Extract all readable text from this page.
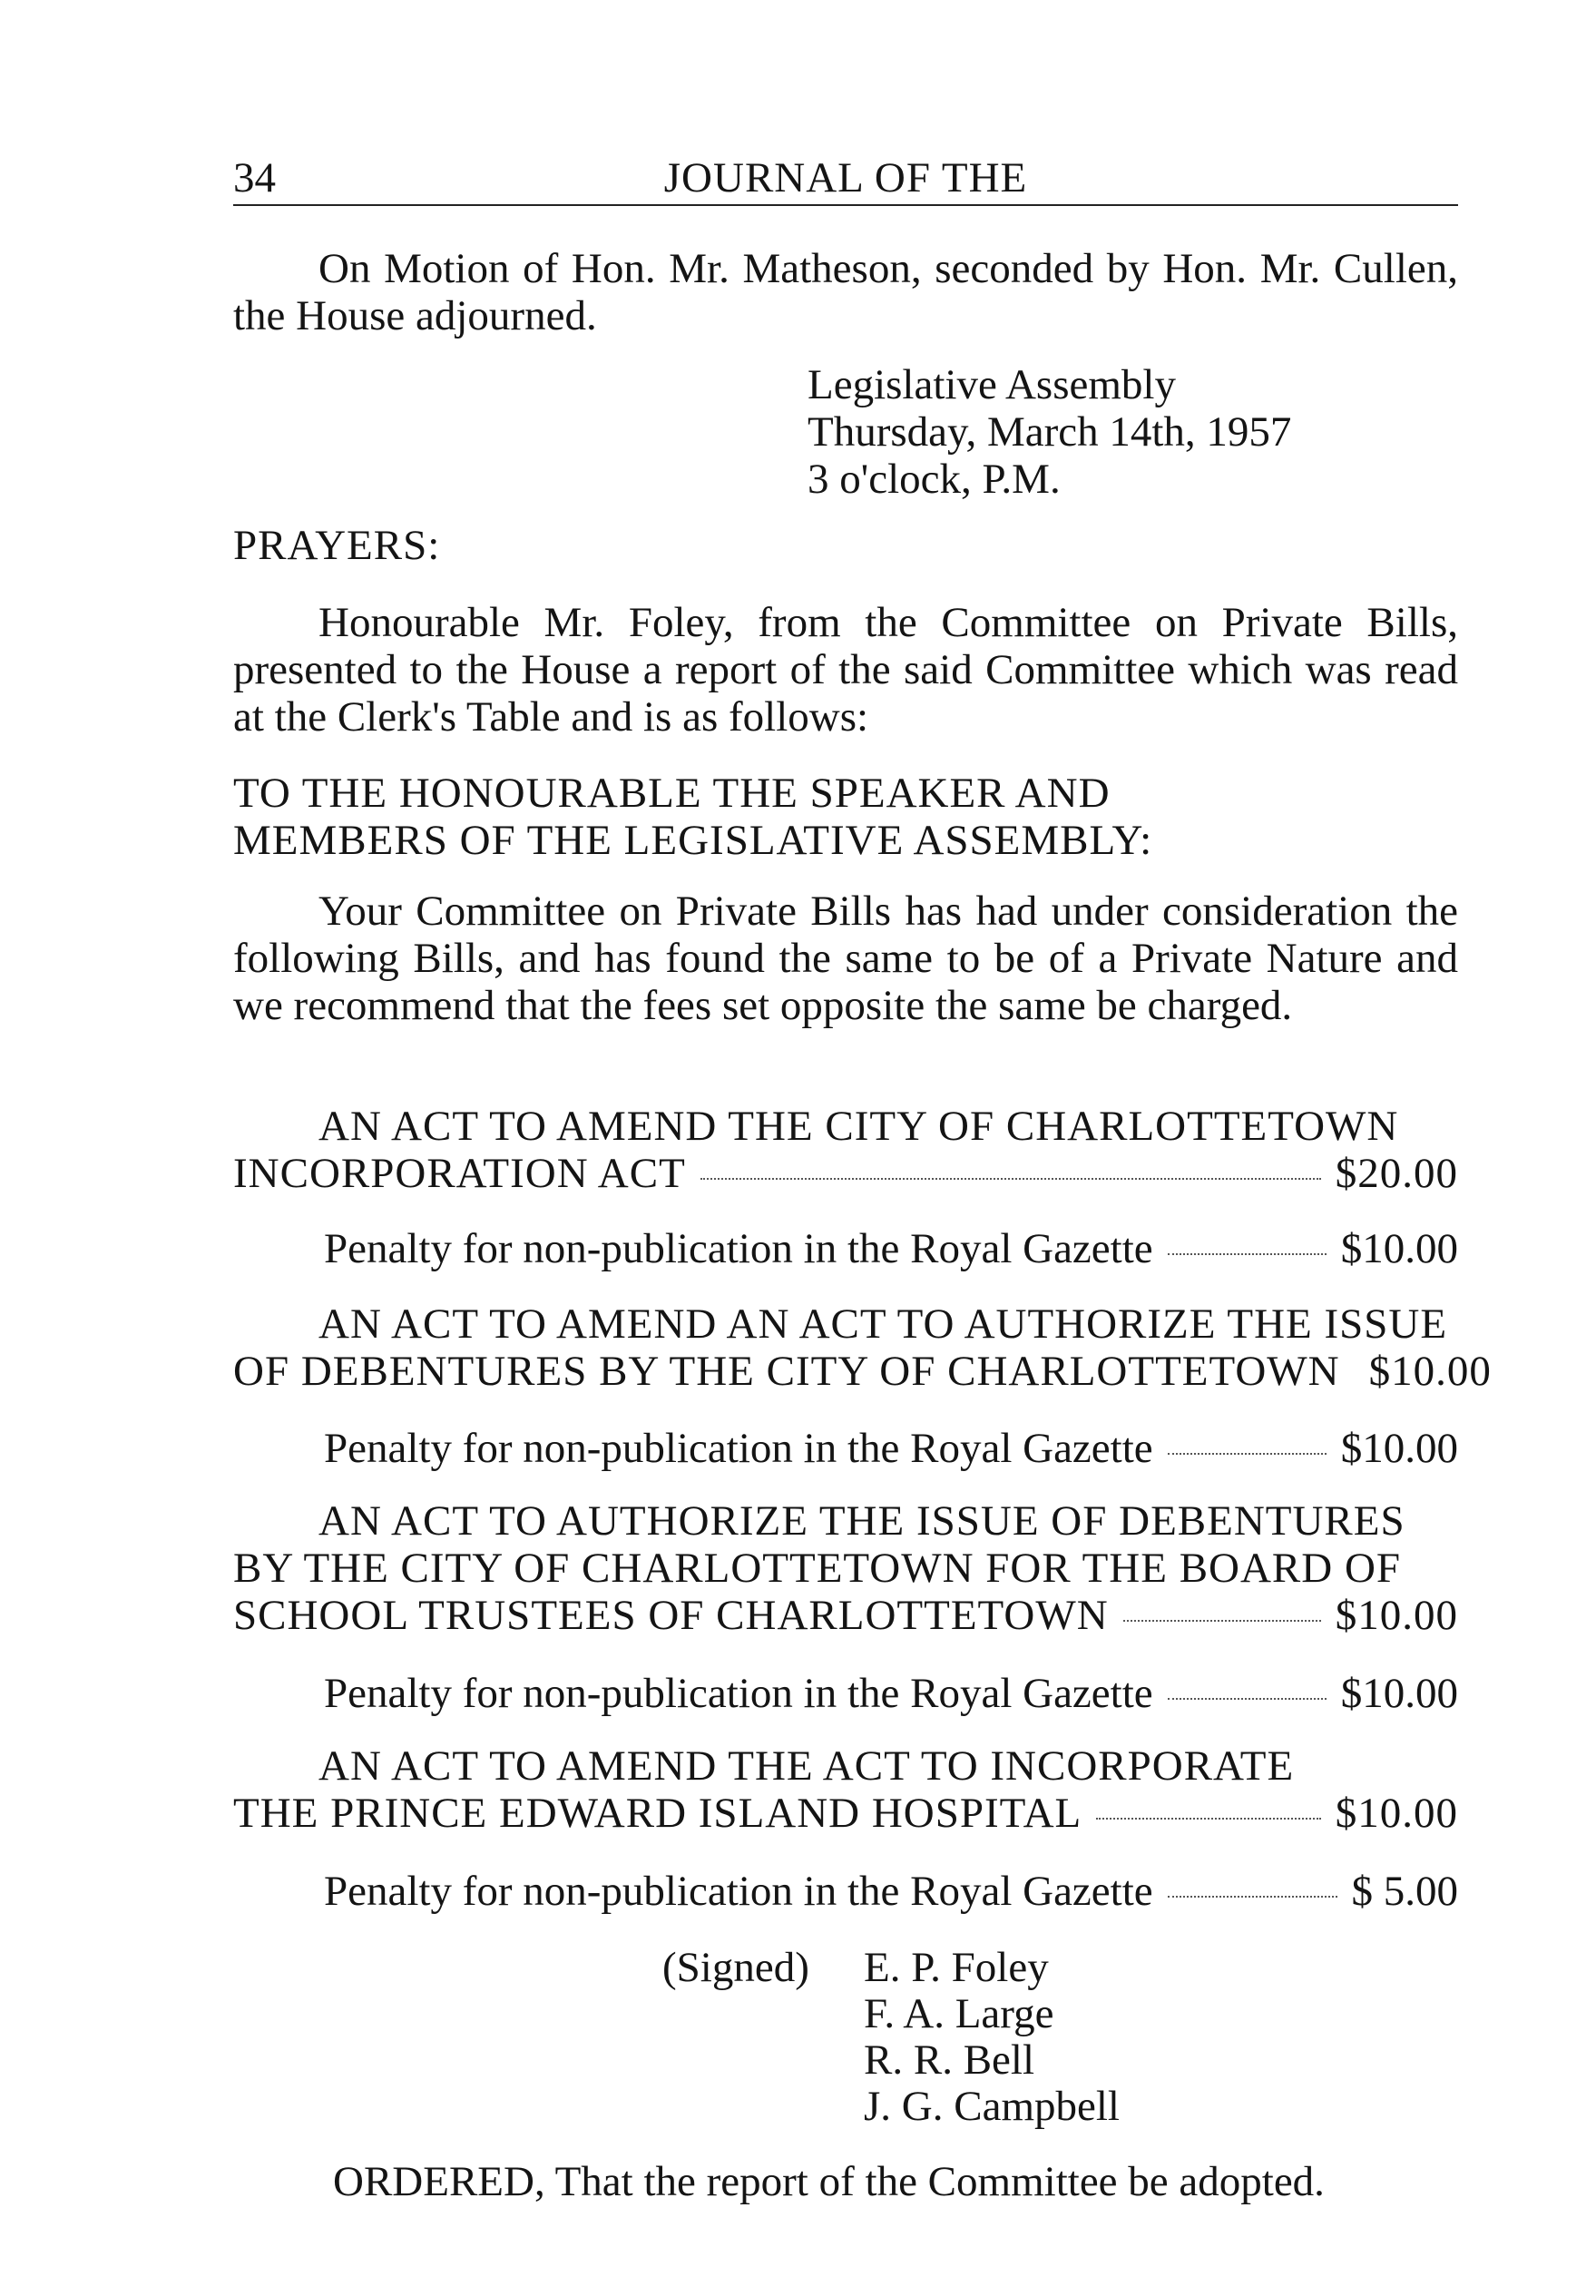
34	JOURNAL OF THE

On Motion of Hon. Mr. Matheson, seconded by Hon. Mr. Cullen, the House adjourned.

Legislative Assembly
Thursday, March 14th, 1957
3 o'clock, P.M.
PRAYERS:

Honourable Mr. Foley, from the Committee on Private Bills, presented to the House a report of the said Committee which was read at the Clerk's Table and is as follows:

TO THE HONOURABLE THE SPEAKER AND
MEMBERS OF THE LEGISLATIVE ASSEMBLY:

Your Committee on Private Bills has had under consideration the following Bills, and has found the same to be of a Private Nature and we recommend that the fees set opposite the same be charged.

AN ACT TO AMEND THE CITY OF CHARLOTTETOWN
INCORPORATION ACT	$20.00
Penalty for non-publication in the Royal Gazette	$10.00
AN ACT TO AMEND AN ACT TO AUTHORIZE THE ISSUE
OF DEBENTURES BY THE CITY OF CHARLOTTETOWN $10.00
Penalty for non-publication in the Royal Gazette	$10.00
AN ACT TO AUTHORIZE THE ISSUE OF DEBENTURES
BY THE CITY OF CHARLOTTETOWN FOR THE BOARD OF
SCHOOL TRUSTEES OF CHARLOTTETOWN	$10.00
Penalty for non-publication in the Royal Gazette	$10.00
AN ACT TO AMEND THE ACT TO INCORPORATE
THE PRINCE EDWARD ISLAND HOSPITAL	$10.00
Penalty for non-publication in the Royal Gazette	$ 5.00
(Signed) E. P. Foley
F. A. Large
R. R. Bell
J. G. Campbell
ORDERED, That the report of the Committee be adopted.
